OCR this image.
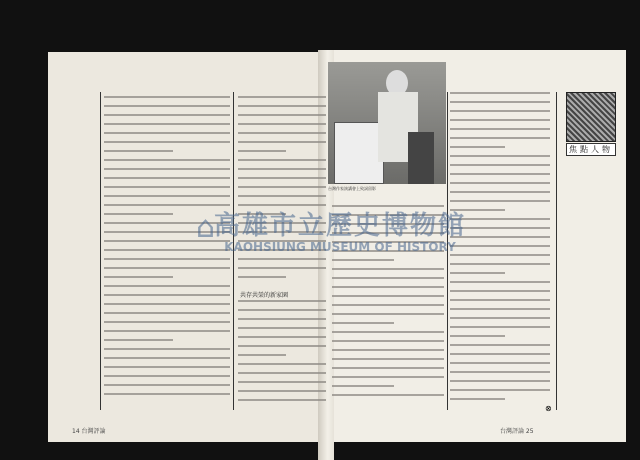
共存共榮的新家園
台灣作家演講會上致詞留影
焦點人物
⊗
14 台灣評論	台灣評論 25
⌂
高雄市立歷史博物館
KAOHSIUNG MUSEUM OF HISTORY
